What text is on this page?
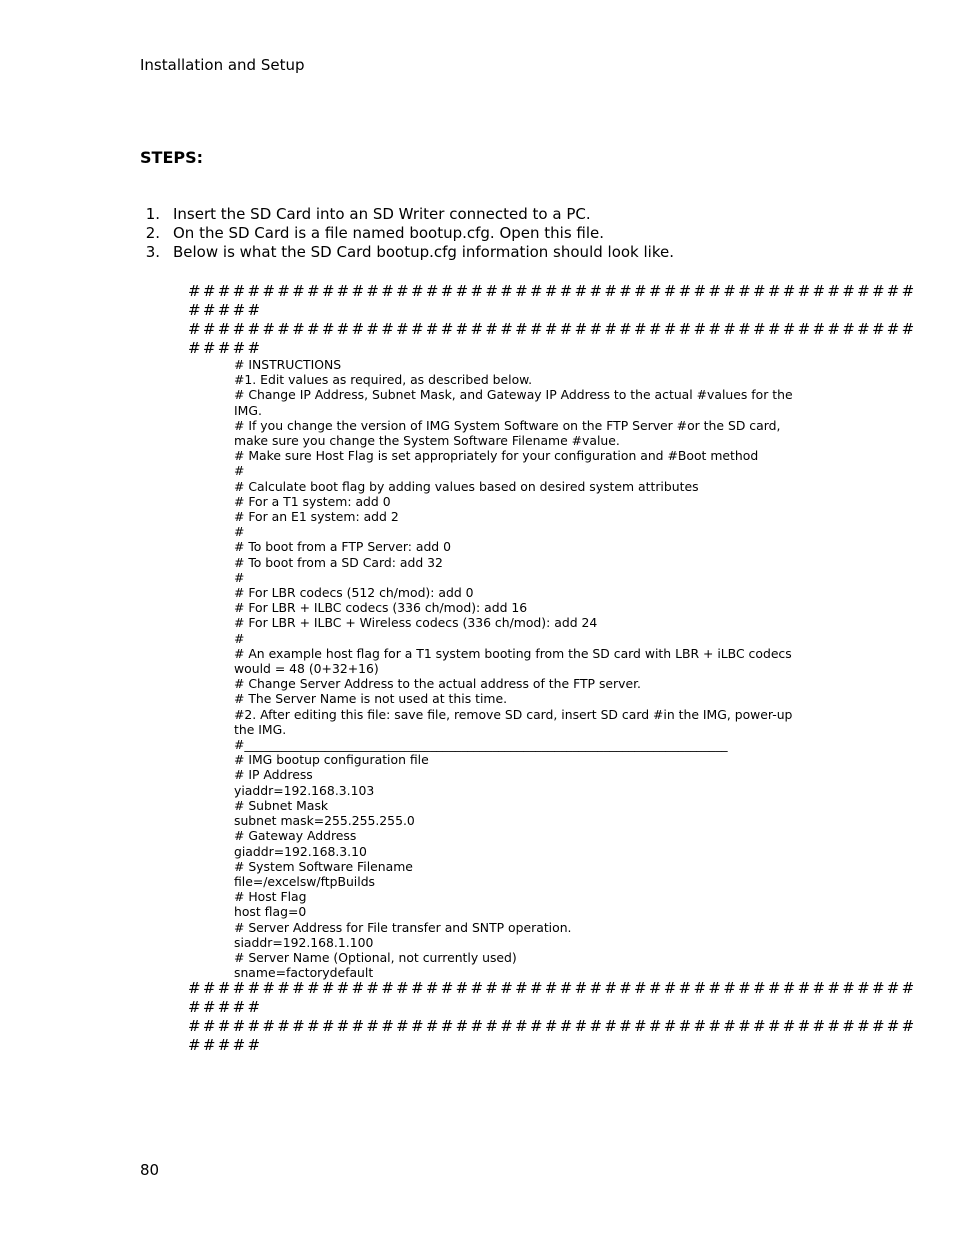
Installation and Setup
STEPS:
1. Insert the SD Card into an SD Writer connected to a PC.
2. On the SD Card is a file named bootup.cfg. Open this file.
3. Below is what the SD Card bootup.cfg information should look like.
#################################################
#####
#################################################
#####
# INSTRUCTIONS
#1. Edit values as required, as described below.
# Change IP Address, Subnet Mask, and Gateway IP Address to the actual #values for the IMG.
# If you change the version of IMG System Software on the FTP Server #or the SD card, make sure you change the System Software Filename #value.
# Make sure Host Flag is set appropriately for your configuration and #Boot method
#
# Calculate boot flag by adding values based on desired system attributes
# For a T1 system: add 0
# For an E1 system: add 2
#
# To boot from a FTP Server: add 0
# To boot from a SD Card: add 32
#
# For LBR codecs (512 ch/mod): add 0
# For LBR + ILBC codecs (336 ch/mod): add 16
# For LBR + ILBC + Wireless codecs (336 ch/mod): add 24
#
# An example host flag for a T1 system booting from the SD card with LBR + iLBC codecs would = 48 (0+32+16)
# Change Server Address to the actual address of the FTP server.
# The Server Name is not used at this time.
#2. After editing this file: save file, remove SD card, insert SD card #in the IMG, power-up the IMG.
#______________________________________________________________________________
# IMG bootup configuration file
# IP Address
yiaddr=192.168.3.103
# Subnet Mask
subnet mask=255.255.255.0
# Gateway Address
giaddr=192.168.3.10
# System Software Filename
file=/excelsw/ftpBuilds
# Host Flag
host flag=0
# Server Address for File transfer and SNTP operation.
siaddr=192.168.1.100
# Server Name (Optional, not currently used)
sname=factorydefault
#################################################
#####
#################################################
#####
80
